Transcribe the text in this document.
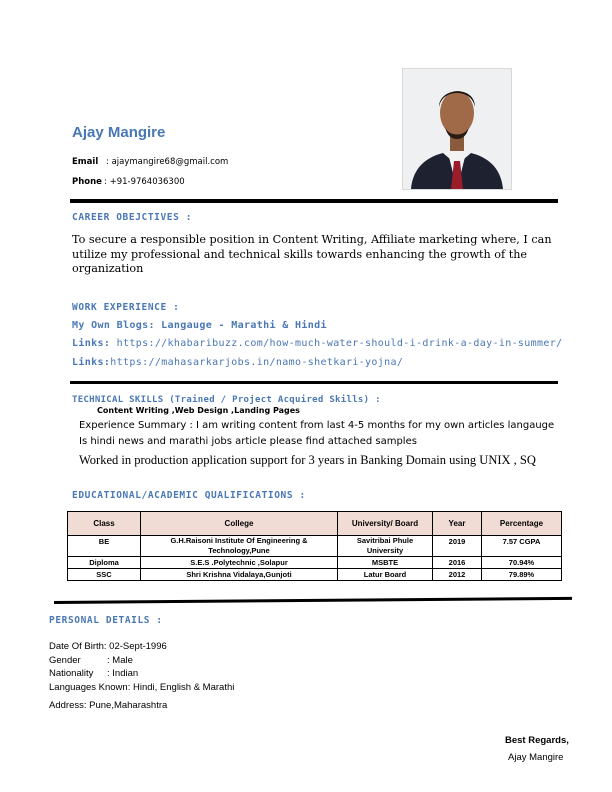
Ajay Mangire
Email : ajaymangire68@gmail.com
Phone : +91-9764036300
CAREER OBEJCTIVES :
To secure a responsible position in Content Writing, Affiliate marketing where, I can utilize my professional and technical skills towards enhancing the growth of the organization
WORK EXPERIENCE :
My Own Blogs: Langauge - Marathi & Hindi
Links: https://khabaribuzz.com/how-much-water-should-i-drink-a-day-in-summer/
Links:https://mahasarkarjobs.in/namo-shetkari-yojna/
TECHNICAL SKILLS (Trained / Project Acquired Skills) :
Content Writing ,Web Design ,Landing Pages
Experience Summary : I am writing content from last 4-5 months for my own articles langauge
Is hindi news and marathi jobs article please find attached samples
Worked in production application support for 3 years in Banking Domain using UNIX , SQ
EDUCATIONAL/ACADEMIC QUALIFICATIONS :
Class	College	University/ Board	Year	Percentage
BE	G.H.Raisoni Institute Of Engineering & Technology,Pune	Savitribai Phule University	2019	7.57 CGPA
Diploma	S.E.S .Polytechnic ,Solapur	MSBTE	2016	70.94%
SSC	Shri Krishna Vidalaya,Gunjoti	Latur Board	2012	79.89%
PERSONAL DETAILS :
Date Of Birth: 02-Sept-1996
Gender	: Male
Nationality : Indian
Languages Known: Hindi, English & Marathi
Address: Pune,Maharashtra
Best Regards,
Ajay Mangire
